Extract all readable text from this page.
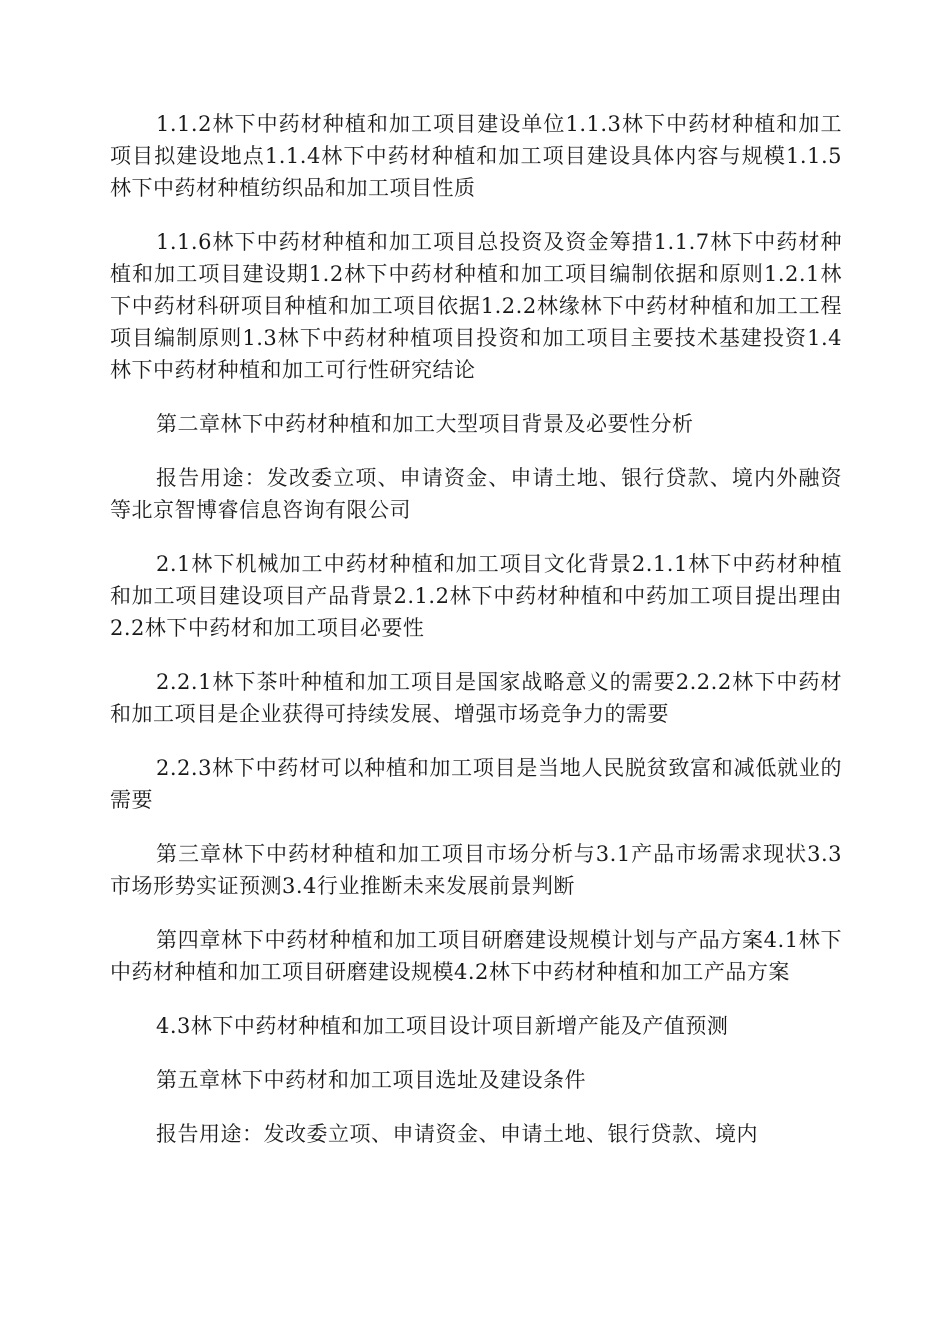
1.1.2林下中药材种植和加工项目建设单位1.1.3林下中药材种植和加工项目拟建设地点1.1.4林下中药材种植和加工项目建设具体内容与规模1.1.5林下中药材种植纺织品和加工项目性质

1.1.6林下中药材种植和加工项目总投资及资金筹措1.1.7林下中药材种植和加工项目建设期1.2林下中药材种植和加工项目编制依据和原则1.2.1林下中药材科研项目种植和加工项目依据1.2.2林缘林下中药材种植和加工工程项目编制原则1.3林下中药材种植项目投资和加工项目主要技术基建投资1.4林下中药材种植和加工可行性研究结论

第二章林下中药材种植和加工大型项目背景及必要性分析

报告用途：发改委立项、申请资金、申请土地、银行贷款、境内外融资等北京智博睿信息咨询有限公司

2.1林下机械加工中药材种植和加工项目文化背景2.1.1林下中药材种植和加工项目建设项目产品背景2.1.2林下中药材种植和中药加工项目提出理由2.2林下中药材和加工项目必要性

2.2.1林下茶叶种植和加工项目是国家战略意义的需要2.2.2林下中药材和加工项目是企业获得可持续发展、增强市场竞争力的需要

2.2.3林下中药材可以种植和加工项目是当地人民脱贫致富和减低就业的需要

第三章林下中药材种植和加工项目市场分析与3.1产品市场需求现状3.3市场形势实证预测3.4行业推断未来发展前景判断

第四章林下中药材种植和加工项目研磨建设规模计划与产品方案4.1林下中药材种植和加工项目研磨建设规模4.2林下中药材种植和加工产品方案

4.3林下中药材种植和加工项目设计项目新增产能及产值预测

第五章林下中药材和加工项目选址及建设条件

报告用途：发改委立项、申请资金、申请土地、银行贷款、境内
